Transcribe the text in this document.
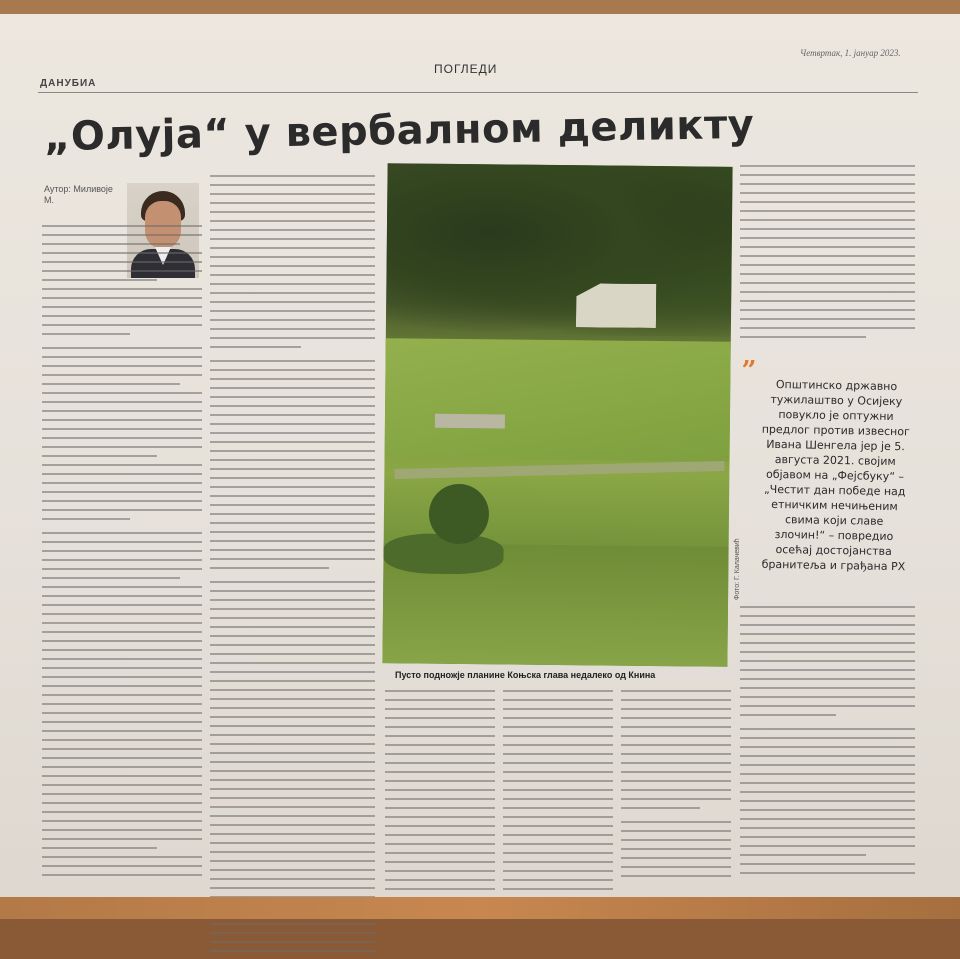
ДАНУБИА
ПОГЛЕДИ
Четвртак, 1. јануар 2023.
„Олуја“ у вербалном деликту
Аутор: Миливоје М.
Фото: Г. Калачевић
Пусто подножје планине Коњска глава недалеко од Книна
„
Општинско државно тужилаштво у Осијеку повукло је оптужни предлог против извесног Ивана Шенгела јер је 5. августа 2021. својим објавом на „Фејсбуку“ – „Честит дан победе над етничким нечињеним свима који славе злочин!“ – повредио осећај достојанства бранитеља и грађана РХ
